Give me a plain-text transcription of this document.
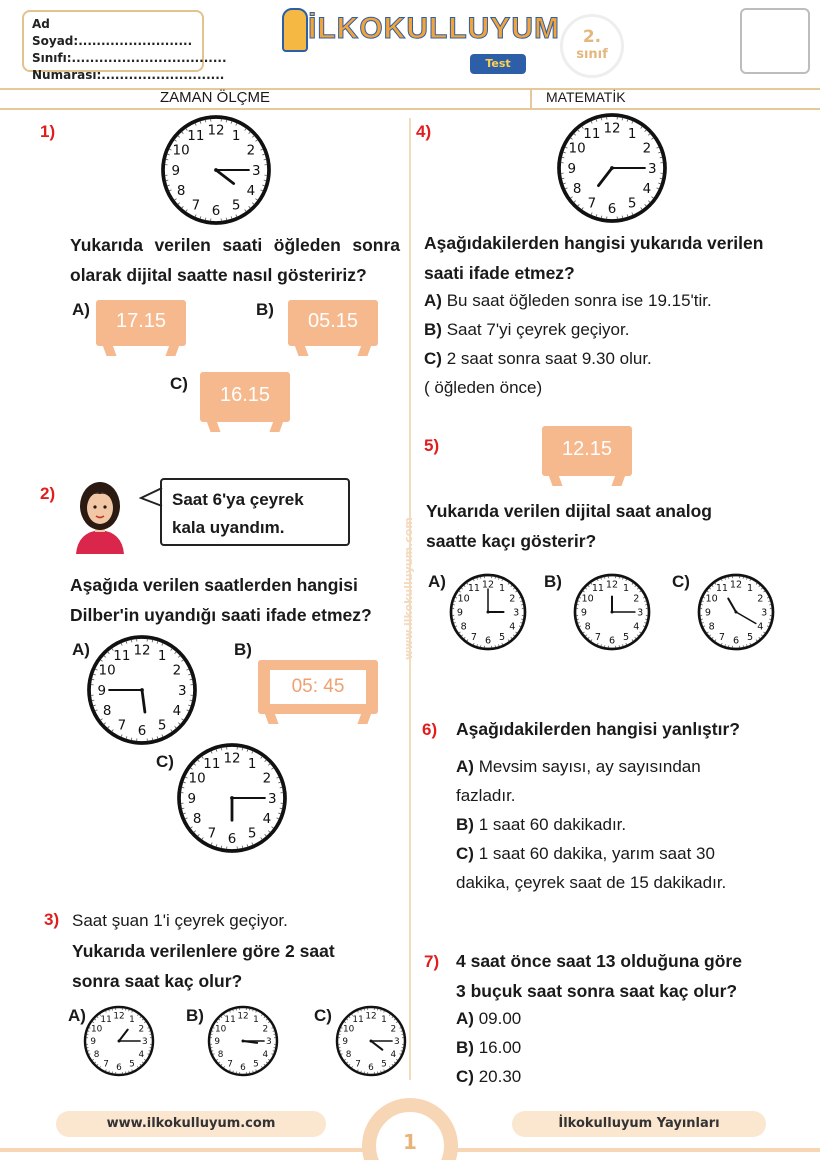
Ad Soyad:.........................
Sınıfı:..................................
Numarası:...........................
İLKOKULLUYUM
Test
2.
sınıf
ZAMAN ÖLÇME	MATEMATİK
www.ilkokulluyum.com
1)	1
2
3
4
5
6
7
8
9
10
11 12
Yukarıda verilen saati öğleden sonra
olarak dijital saatte nasıl gösteririz?
A)
17.15
B)
05.15
C)
16.15
2)	Saat 6'ya çeyrek
kala uyandım.
Aşağıda verilen saatlerden hangisi
Dilber'in uyandığı saati ifade etmez?
A)	1
2
3
4
5
6
7
8
9
10
11 12	B)
05: 45
C)	1
2
3
4
5
6
7
8
9
10
11 12
3) Saat şuan 1'i çeyrek geçiyor.
Yukarıda verilenlere göre 2 saat
sonra saat kaç olur?
A)	1
2
3
4
5
6
7
8
9
10
11 12	B)	1
2
3
4
5
6
7
8
9
10
11 12	C)	1
2
3
4
5
6
7
8
9
10
11 12
4)	1
2
3
4
5
6
7
8
9
10
11 12
Aşağıdakilerden hangisi yukarıda verilen
saati ifade etmez?
A) Bu saat öğleden sonra ise 19.15'tir.
B) Saat 7'yi çeyrek geçiyor.
C) 2 saat sonra saat 9.30 olur.
( öğleden önce)
5)	12.15
Yukarıda verilen dijital saat analog
saatte kaçı gösterir?
A)	1
2
3
4
5
6
7
8
9
10
11 12	B)	1
2
3
4
5
6
7
8
9
10
11 12	C)	1
2
3
4
5
6
7
8
9
10
11 12
6) Aşağıdakilerden hangisi yanlıştır?
A) Mevsim sayısı, ay sayısından
fazladır.
B) 1 saat 60 dakikadır.
C) 1 saat 60 dakika, yarım saat 30
dakika, çeyrek saat de 15 dakikadır.
7) 4 saat önce saat 13 olduğuna göre
3 buçuk saat sonra saat kaç olur?
A) 09.00
B) 16.00
C) 20.30
www.ilkokulluyum.com
1
İlkokulluyum Yayınları
